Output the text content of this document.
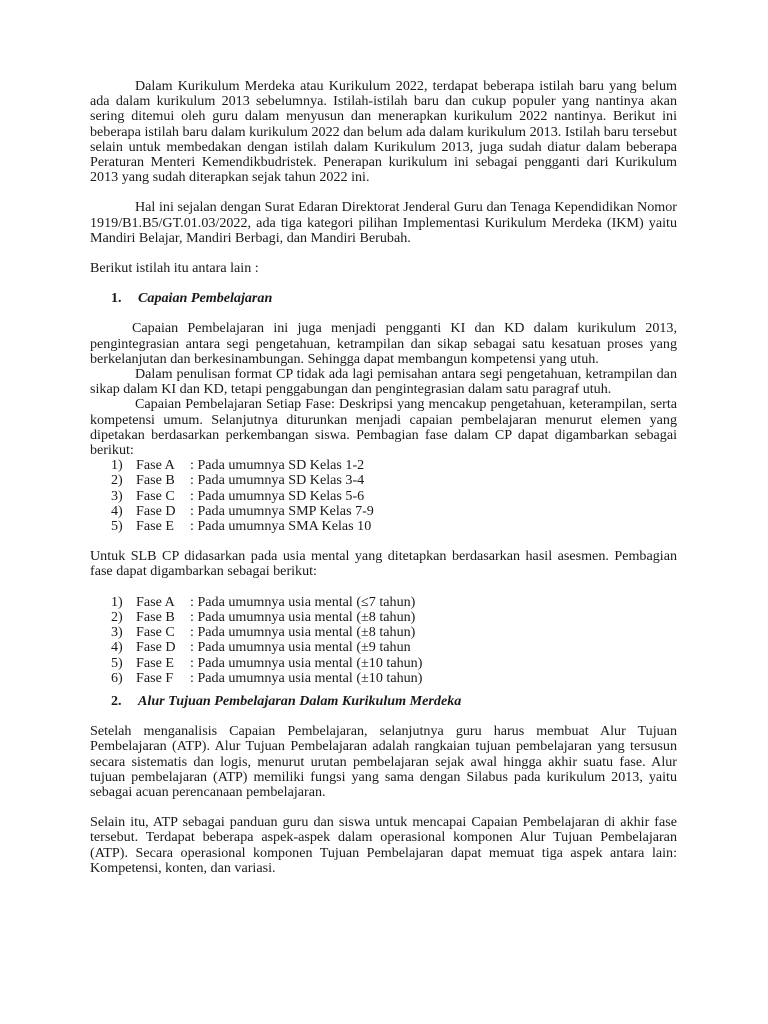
Dalam Kurikulum Merdeka atau Kurikulum 2022, terdapat beberapa istilah baru yang belum ada dalam kurikulum 2013 sebelumnya. Istilah-istilah baru dan cukup populer yang nantinya akan sering ditemui oleh guru dalam menyusun dan menerapkan kurikulum 2022 nantinya. Berikut ini beberapa istilah baru dalam kurikulum 2022 dan belum ada dalam kurikulum 2013. Istilah baru tersebut selain untuk membedakan dengan istilah dalam Kurikulum 2013, juga sudah diatur dalam beberapa Peraturan Menteri Kemendikbudristek. Penerapan kurikulum ini sebagai pengganti dari Kurikulum 2013 yang sudah diterapkan sejak tahun 2022 ini.

Hal ini sejalan dengan Surat Edaran Direktorat Jenderal Guru dan Tenaga Kependidikan Nomor 1919/B1.B5/GT.01.03/2022, ada tiga kategori pilihan Implementasi Kurikulum Merdeka (IKM) yaitu Mandiri Belajar, Mandiri Berbagi, dan Mandiri Berubah.

Berikut istilah itu antara lain :

1. Capaian Pembelajaran

Capaian Pembelajaran ini juga menjadi pengganti KI dan KD dalam kurikulum 2013, pengintegrasian antara segi pengetahuan, ketrampilan dan sikap sebagai satu kesatuan proses yang berkelanjutan dan berkesinambungan. Sehingga dapat membangun kompetensi yang utuh.

Dalam penulisan format CP tidak ada lagi pemisahan antara segi pengetahuan, ketrampilan dan sikap dalam KI dan KD, tetapi penggabungan dan pengintegrasian dalam satu paragraf utuh.

Capaian Pembelajaran Setiap Fase: Deskripsi yang mencakup pengetahuan, keterampilan, serta kompetensi umum. Selanjutnya diturunkan menjadi capaian pembelajaran menurut elemen yang dipetakan berdasarkan perkembangan siswa. Pembagian fase dalam CP dapat digambarkan sebagai berikut:

1) Fase A	: Pada umumnya SD Kelas 1-2
2) Fase B	: Pada umumnya SD Kelas 3-4
3) Fase C	: Pada umumnya SD Kelas 5-6
4) Fase D	: Pada umumnya SMP Kelas 7-9
5) Fase E	: Pada umumnya SMA Kelas 10

Untuk SLB CP didasarkan pada usia mental yang ditetapkan berdasarkan hasil asesmen. Pembagian fase dapat digambarkan sebagai berikut:

1) Fase A	: Pada umumnya usia mental (≤7 tahun)
2) Fase B	: Pada umumnya usia mental (±8 tahun)
3) Fase C	: Pada umumnya usia mental (±8 tahun)
4) Fase D	: Pada umumnya usia mental (±9 tahun
5) Fase E	: Pada umumnya usia mental (±10 tahun)
6) Fase F	: Pada umumnya usia mental (±10 tahun)
2. Alur Tujuan Pembelajaran Dalam Kurikulum Merdeka

Setelah menganalisis Capaian Pembelajaran, selanjutnya guru harus membuat Alur Tujuan Pembelajaran (ATP). Alur Tujuan Pembelajaran adalah rangkaian tujuan pembelajaran yang tersusun secara sistematis dan logis, menurut urutan pembelajaran sejak awal hingga akhir suatu fase. Alur tujuan pembelajaran (ATP) memiliki fungsi yang sama dengan Silabus pada kurikulum 2013, yaitu sebagai acuan perencanaan pembelajaran.

Selain itu, ATP sebagai panduan guru dan siswa untuk mencapai Capaian Pembelajaran di akhir fase tersebut. Terdapat beberapa aspek-aspek dalam operasional komponen Alur Tujuan Pembelajaran (ATP). Secara operasional komponen Tujuan Pembelajaran dapat memuat tiga aspek antara lain: Kompetensi, konten, dan variasi.
